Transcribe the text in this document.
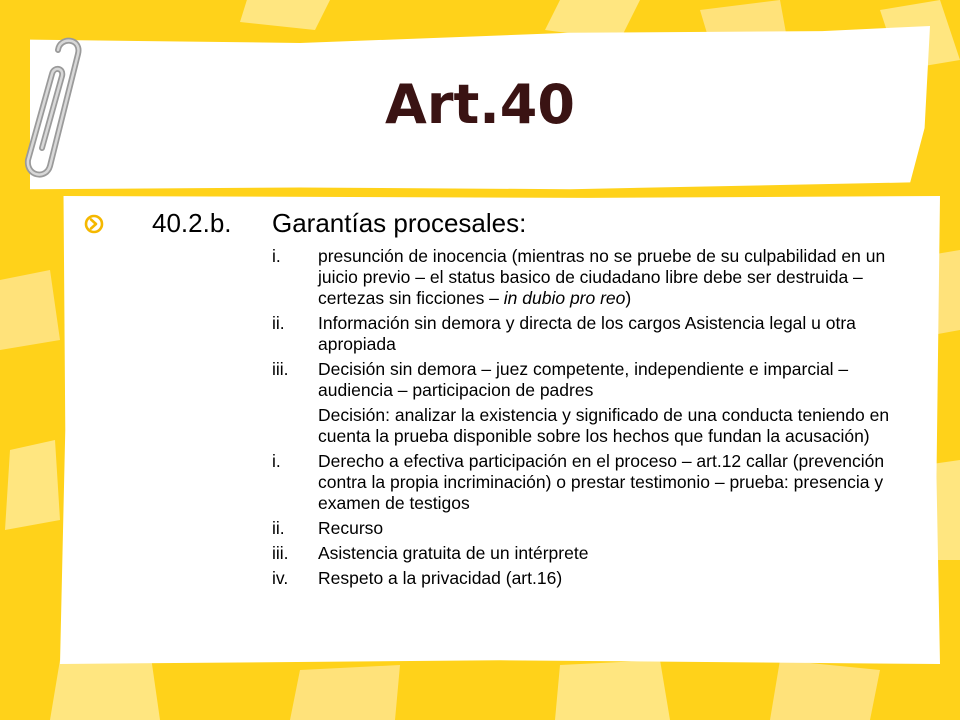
Art.40
40.2.b. Garantías procesales:
i.	presunción de inocencia (mientras no se pruebe de su culpabilidad en un juicio previo – el status basico de ciudadano libre debe ser destruida – certezas sin ficciones – in dubio pro reo)
ii.	Información sin demora y directa de los cargos Asistencia legal u otra apropiada
iii.	Decisión sin demora – juez competente, independiente e imparcial – audiencia – participacion de padres
Decisión: analizar la existencia y significado de una conducta teniendo en cuenta la prueba disponible sobre los hechos que fundan la acusación)
i.	Derecho a efectiva participación en el proceso – art.12 callar (prevención contra la propia incriminación) o prestar testimonio – prueba: presencia y examen de testigos
ii.	Recurso
iii.	Asistencia gratuita de un intérprete
iv.	Respeto a la privacidad (art.16)
